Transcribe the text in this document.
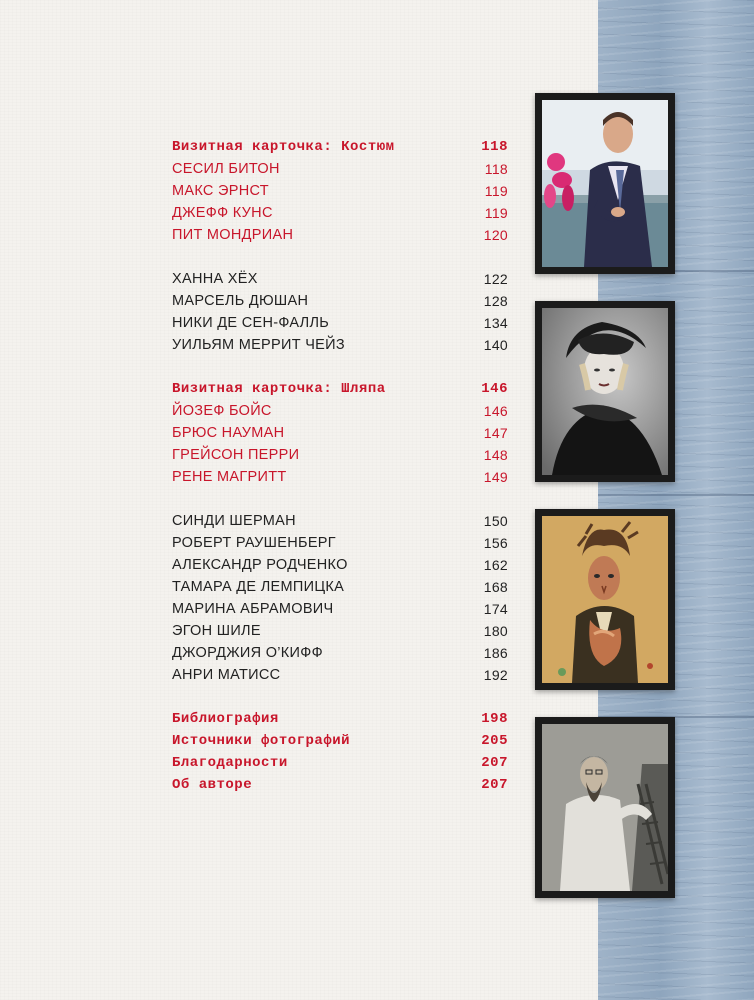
Визитная карточка: Костюм	118
СЕСИЛ БИТОН	118
МАКС ЭРНСТ	119
ДЖЕФФ КУНС	119
ПИТ МОНДРИАН	120
ХАННА ХЁХ	122
МАРСЕЛЬ ДЮШАН	128
НИКИ ДЕ СЕН-ФАЛЛЬ	134
УИЛЬЯМ МЕРРИТ ЧЕЙЗ	140
Визитная карточка: Шляпа	146
ЙОЗЕФ БОЙС	146
БРЮС НАУМАН	147
ГРЕЙСОН ПЕРРИ	148
РЕНЕ МАГРИТТ	149
СИНДИ ШЕРМАН	150
РОБЕРТ РАУШЕНБЕРГ	156
АЛЕКСАНДР РОДЧЕНКО	162
ТАМАРА ДЕ ЛЕМПИЦКА	168
МАРИНА АБРАМОВИЧ	174
ЭГОН ШИЛЕ	180
ДЖОРДЖИЯ О’КИФФ	186
АНРИ МАТИСС	192
Библиография	198
Источники фотографий	205
Благодарности	207
Об авторе	207
